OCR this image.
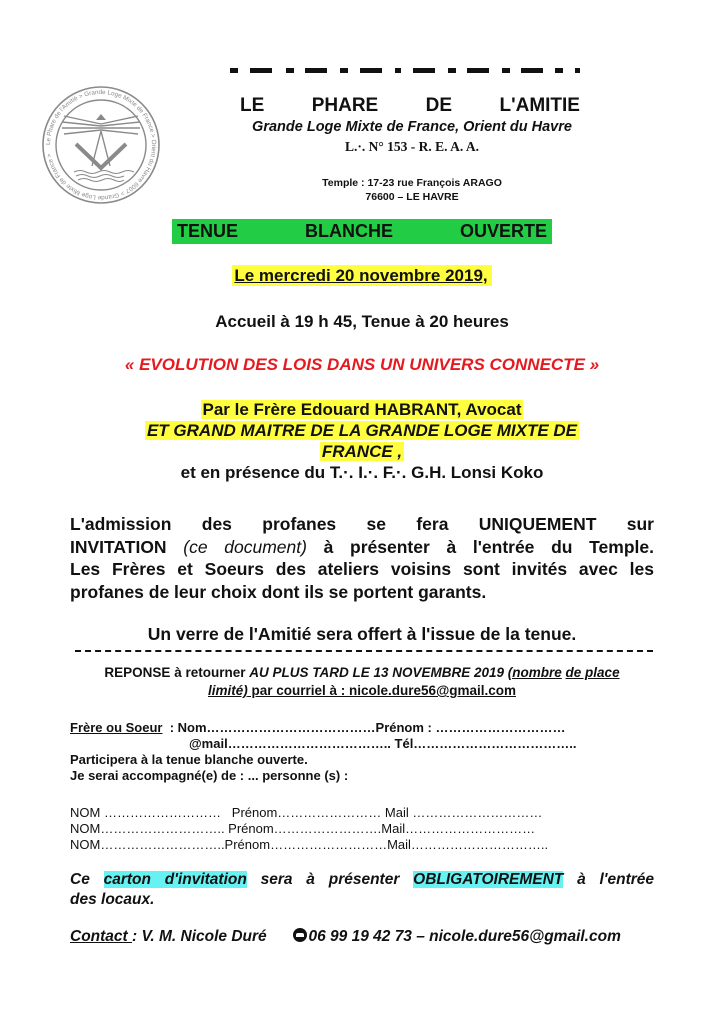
Le Phare de l'Amitié > Grande Loge Mixte de France > Orient du Havre 6007 > Grande Loge Mixte de France >
LE PHARE DE L'AMITIE
Grande Loge Mixte de France, Orient du Havre
L.·. N° 153 - R. E. A. A.
Temple : 17-23 rue François ARAGO
76600 – LE HAVRE
TENUE	BLANCHE	OUVERTE
Le mercredi 20 novembre 2019,
Accueil à 19 h 45, Tenue à 20 heures
« EVOLUTION DES LOIS DANS UN UNIVERS CONNECTE »
Par le Frère Edouard HABRANT, Avocat
ET GRAND MAITRE DE LA GRANDE LOGE MIXTE DE
FRANCE ,
et en présence du T.·. I.·. F.·. G.H. Lonsi Koko
L'admission des profanes se fera UNIQUEMENT sur
INVITATION (ce document) à présenter à l'entrée du Temple.
Les Frères et Soeurs des ateliers voisins sont invités avec les
profanes de leur choix dont ils se portent garants.
Un verre de l'Amitié sera offert à l'issue de la tenue.
REPONSE à retourner AU PLUS TARD LE 13 NOVEMBRE 2019 (nombre de place
limité) par courriel à : nicole.dure56@gmail.com
Frère ou Soeur  : Nom…………………………………Prénom : …………………………
@mail……………………………….. Tél………………………………..
Participera à la tenue blanche ouverte.
Je serai accompagné(e) de : ... personne (s) :
NOM ………………………   Prénom…………………… Mail …………………………
NOM……………………….. Prénom…………………….Mail…………………………
NOM………………………..Prénom………………………Mail…………………………..
Ce carton d'invitation sera à présenter OBLIGATOIREMENT à l'entrée
des locaux.
Contact : V. M. Nicole Duré      06 99 19 42 73 – nicole.dure56@gmail.com
